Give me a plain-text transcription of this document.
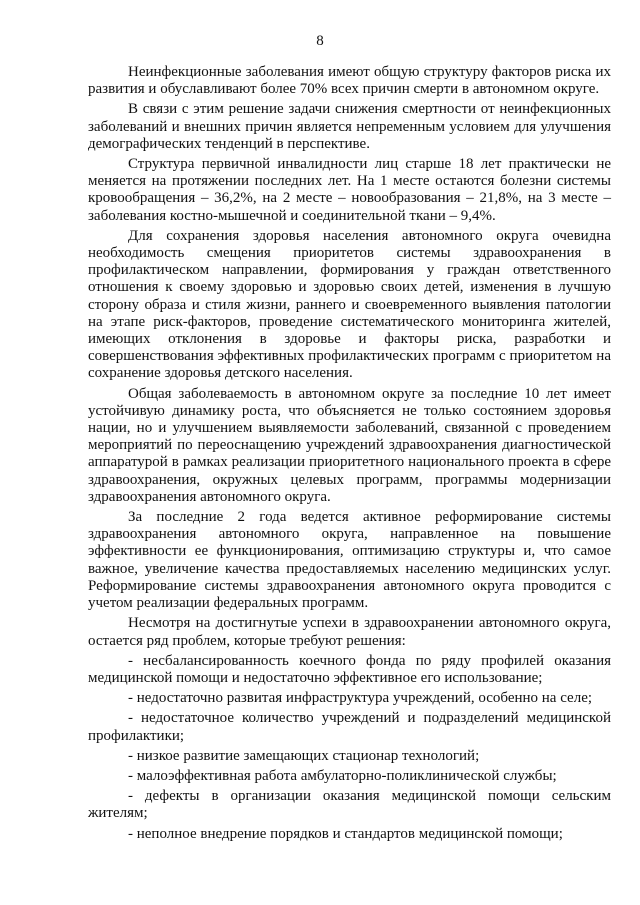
8

Неинфекционные заболевания имеют общую структуру факторов риска их развития и обуславливают более 70% всех причин смерти в автономном округе.

В связи с этим решение задачи снижения смертности от неинфекционных заболеваний и внешних причин является непременным условием для улучшения демографических тенденций в перспективе.

Структура первичной инвалидности лиц старше 18 лет практически не меняется на протяжении последних лет. На 1 месте остаются болезни системы кровообращения – 36,2%, на 2 месте – новообразования – 21,8%, на 3 месте – заболевания костно-мышечной и соединительной ткани – 9,4%.

Для сохранения здоровья населения автономного округа очевидна необходимость смещения приоритетов системы здравоохранения в профилактическом направлении, формирования у граждан ответственного отношения к своему здоровью и здоровью своих детей, изменения в лучшую сторону образа и стиля жизни, раннего и своевременного выявления патологии на этапе риск-факторов, проведение систематического мониторинга жителей, имеющих отклонения в здоровье и факторы риска, разработки и совершенствования эффективных профилактических программ с приоритетом на сохранение здоровья детского населения.

Общая заболеваемость в автономном округе за последние 10 лет имеет устойчивую динамику роста, что объясняется не только состоянием здоровья нации, но и улучшением выявляемости заболеваний, связанной с проведением мероприятий по переоснащению учреждений здравоохранения диагностической аппаратурой в рамках реализации приоритетного национального проекта в сфере здравоохранения, окружных целевых программ, программы модернизации здравоохранения автономного округа.

За последние 2 года ведется активное реформирование системы здравоохранения автономного округа, направленное на повышение эффективности ее функционирования, оптимизацию структуры и, что самое важное, увеличение качества предоставляемых населению медицинских услуг. Реформирование системы здравоохранения автономного округа проводится с учетом реализации федеральных программ.

Несмотря на достигнутые успехи в здравоохранении автономного округа, остается ряд проблем, которые требуют решения:

- несбалансированность коечного фонда по ряду профилей оказания медицинской помощи и недостаточно эффективное его использование;

- недостаточно развитая инфраструктура учреждений, особенно на селе;

- недостаточное количество учреждений и подразделений медицинской профилактики;

- низкое развитие замещающих стационар технологий;

- малоэффективная работа амбулаторно-поликлинической службы;

- дефекты в организации оказания медицинской помощи сельским жителям;

- неполное внедрение порядков и стандартов медицинской помощи;
